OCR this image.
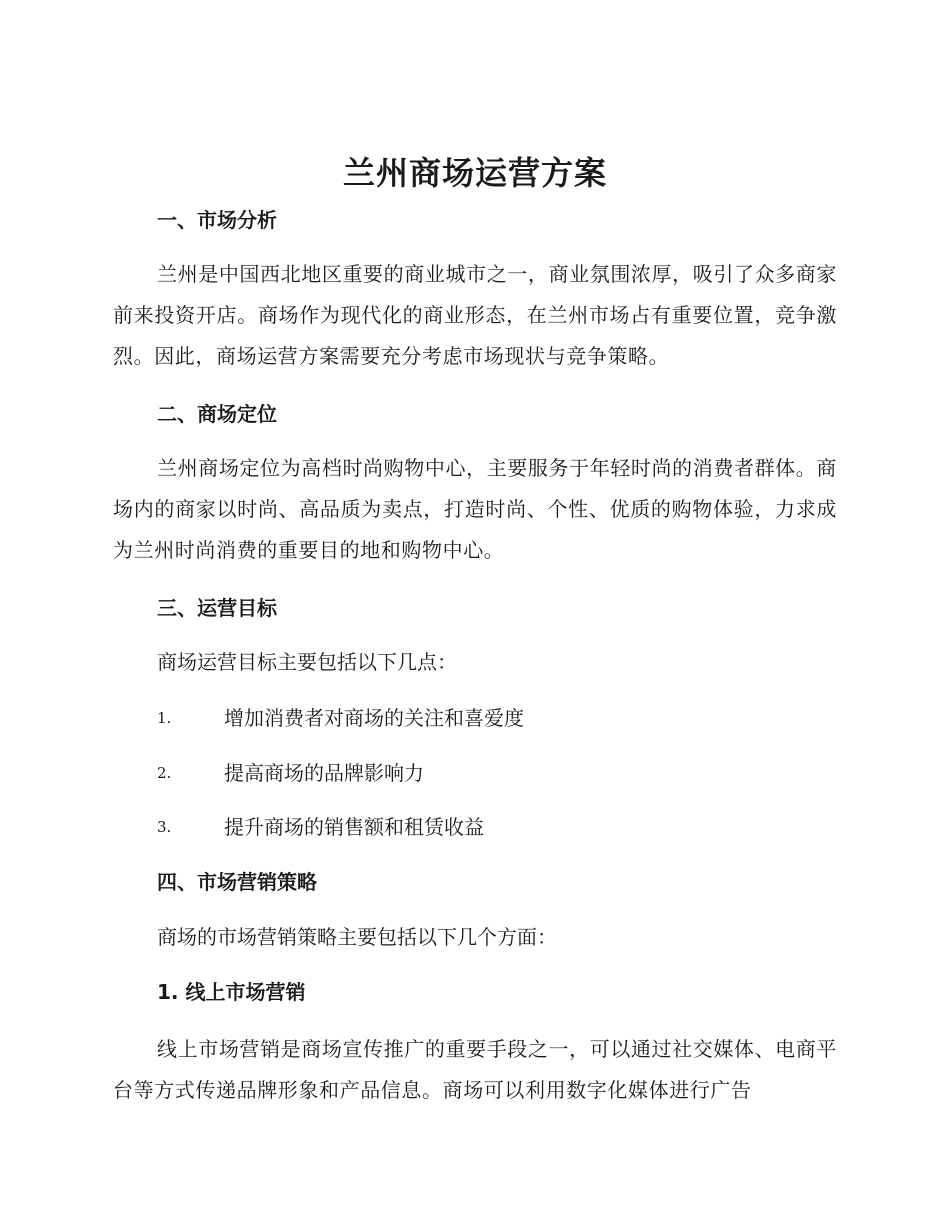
兰州商场运营方案
一、市场分析
兰州是中国西北地区重要的商业城市之一，商业氛围浓厚，吸引了众多商家前来投资开店。商场作为现代化的商业形态，在兰州市场占有重要位置，竞争激烈。因此，商场运营方案需要充分考虑市场现状与竞争策略。
二、商场定位
兰州商场定位为高档时尚购物中心，主要服务于年轻时尚的消费者群体。商场内的商家以时尚、高品质为卖点，打造时尚、个性、优质的购物体验，力求成为兰州时尚消费的重要目的地和购物中心。
三、运营目标
商场运营目标主要包括以下几点：
1.	增加消费者对商场的关注和喜爱度
2.	提高商场的品牌影响力
3.	提升商场的销售额和租赁收益
四、市场营销策略
商场的市场营销策略主要包括以下几个方面：
1. 线上市场营销
线上市场营销是商场宣传推广的重要手段之一，可以通过社交媒体、电商平台等方式传递品牌形象和产品信息。商场可以利用数字化媒体进行广告
